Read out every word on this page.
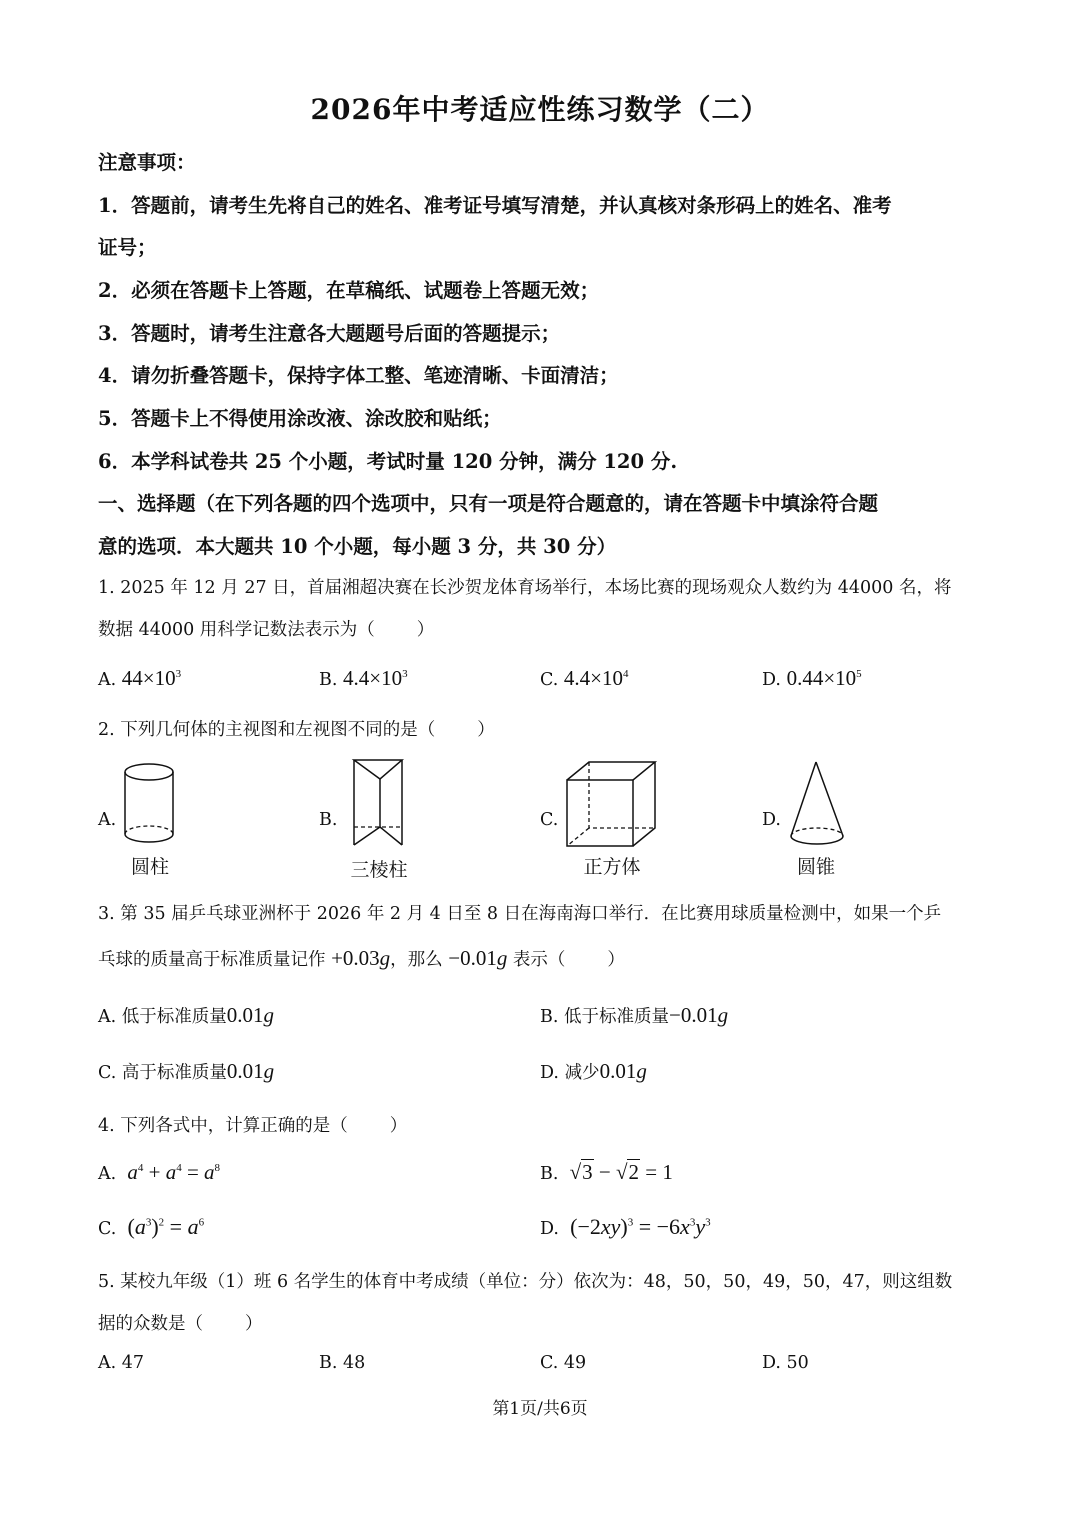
2026年中考适应性练习数学（二）
注意事项：
1．答题前，请考生先将自己的姓名、准考证号填写清楚，并认真核对条形码上的姓名、准考
证号；
2．必须在答题卡上答题，在草稿纸、试题卷上答题无效；
3．答题时，请考生注意各大题题号后面的答题提示；
4．请勿折叠答题卡，保持字体工整、笔迹清晰、卡面清洁；
5．答题卡上不得使用涂改液、涂改胶和贴纸；
6．本学科试卷共 25 个小题，考试时量 120 分钟，满分 120 分.
一、选择题（在下列各题的四个选项中，只有一项是符合题意的，请在答题卡中填涂符合题
意的选项．本大题共 10 个小题，每小题 3 分，共 30 分）
1. 2025 年 12 月 27 日，首届湘超决赛在长沙贺龙体育场举行，本场比赛的现场观众人数约为 44000 名，将
数据 44000 用科学记数法表示为（ ）
A. $44\times 10^3$	B. $4.4\times 10^3$	C. $4.4\times 10^4$	D. $0.44\times 10^5$
2. 下列几何体的主视图和左视图不同的是（ ）
A.
圆柱
B.
三棱柱
C.
正方体
D.
圆锥
3. 第 35 届乒乓球亚洲杯于 2026 年 2 月 4 日至 8 日在海南海口举行．在比赛用球质量检测中，如果一个乒
乓球的质量高于标准质量记作 +0.03g，那么 −0.01g 表示（ ）
A. 低于标准质量0.01g	B. 低于标准质量−0.01g
C. 高于标准质量0.01g	D. 减少0.01g
4. 下列各式中，计算正确的是（ ）
A. $a^4 + a^4 = a^8$	B. √3 − √2 = 1
C. $(a^3)^2 = a^6$	D. $(-2xy)^3 = -6x^3y^3$
5. 某校九年级（1）班 6 名学生的体育中考成绩（单位：分）依次为：48，50，50，49，50，47，则这组数
据的众数是（ ）
A. 47	B. 48	C. 49	D. 50
第1页/共6页
